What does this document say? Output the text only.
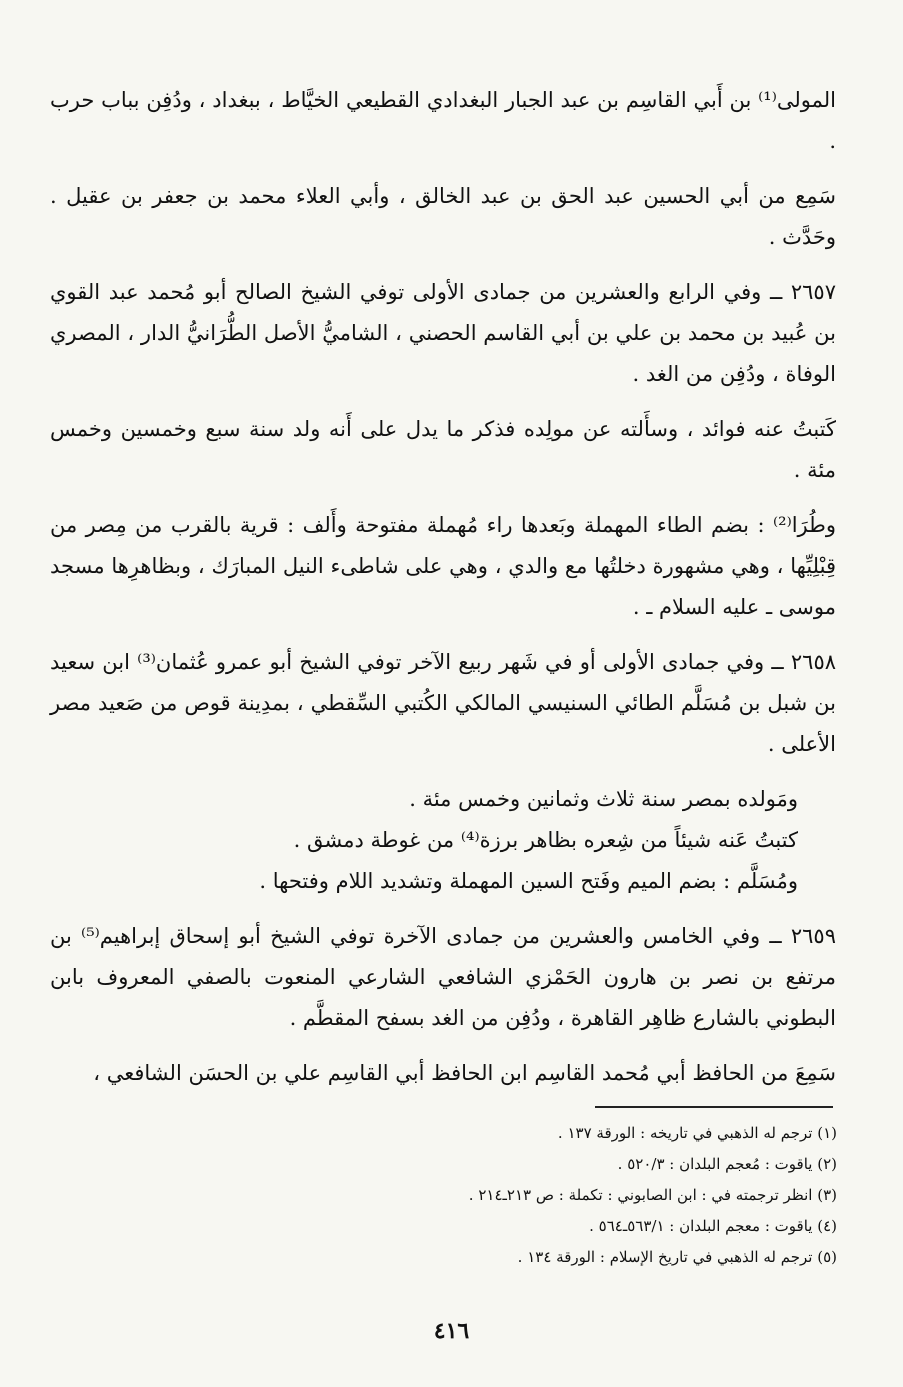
المولى⁽¹⁾ بن أَبي القاسِم بن عبد الجبار البغدادي القطيعي الخيَّاط ، ببغداد ، ودُفِن بباب حرب .

سَمِع من أبي الحسين عبد الحق بن عبد الخالق ، وأبي العلاء محمد بن جعفر بن عقيل . وحَدَّث .

٢٦٥٧ ــ وفي الرابع والعشرين من جمادى الأولى توفي الشيخ الصالح أبو مُحمد عبد القوي بن عُبيد بن محمد بن علي بن أبي القاسم الحصني ، الشاميُّ الأصل الطُّرَانيُّ الدار ، المصري الوفاة ، ودُفِن من الغد .

كَتبتُ عنه فوائد ، وسأَلته عن مولِده فذكر ما يدل على أَنه ولد سنة سبع وخمسين وخمس مئة .

وطُرَا⁽²⁾ : بضم الطاء المهملة وبَعدها راء مُهملة مفتوحة وأَلف : قرية بالقرب من مِصر من قِبْلِيِّها ، وهي مشهورة دخلتُها مع والدي ، وهي على شاطىء النيل المبارَك ، وبظاهرِها مسجد موسى ـ عليه السلام ـ .

٢٦٥٨ ــ وفي جمادى الأولى أو في شَهر ربيع الآخر توفي الشيخ أبو عمرو عُثمان⁽³⁾ ابن سعيد بن شبل بن مُسَلَّم الطائي السنيسي المالكي الكُتبي السِّقطي ، بمدِينة قوص من صَعيد مصر الأعلى .

ومَولده بمصر سنة ثلاث وثمانين وخمس مئة .

كتبتُ عَنه شيئاً من شِعره بظاهر برزة⁽⁴⁾ من غوطة دمشق .

ومُسَلَّم : بضم الميم وفَتح السين المهملة وتشديد اللام وفتحها .

٢٦٥٩ ــ وفي الخامس والعشرين من جمادى الآخرة توفي الشيخ أبو إسحاق إبراهيم⁽⁵⁾ بن مرتفع بن نصر بن هارون الحَمْزي الشافعي الشارعي المنعوت بالصفي المعروف بابن البطوني بالشارع ظاهِر القاهرة ، ودُفِن من الغد بسفح المقطَّم .

سَمِعَ من الحافظ أبي مُحمد القاسِم ابن الحافظ أبي القاسِم علي بن الحسَن الشافعي ،

(١) ترجم له الذهبي في تاريخه : الورقة ١٣٧ .
(٢) ياقوت : مُعجم البلدان : ٥٢٠/٣ .
(٣) انظر ترجمته في : ابن الصابوني : تكملة : ص ٢١٣ـ٢١٤ .
(٤) ياقوت : معجم البلدان : ٥٦٣/١ـ٥٦٤ .
(٥) ترجم له الذهبي في تاريخ الإسلام : الورقة ١٣٤ .
٤١٦
